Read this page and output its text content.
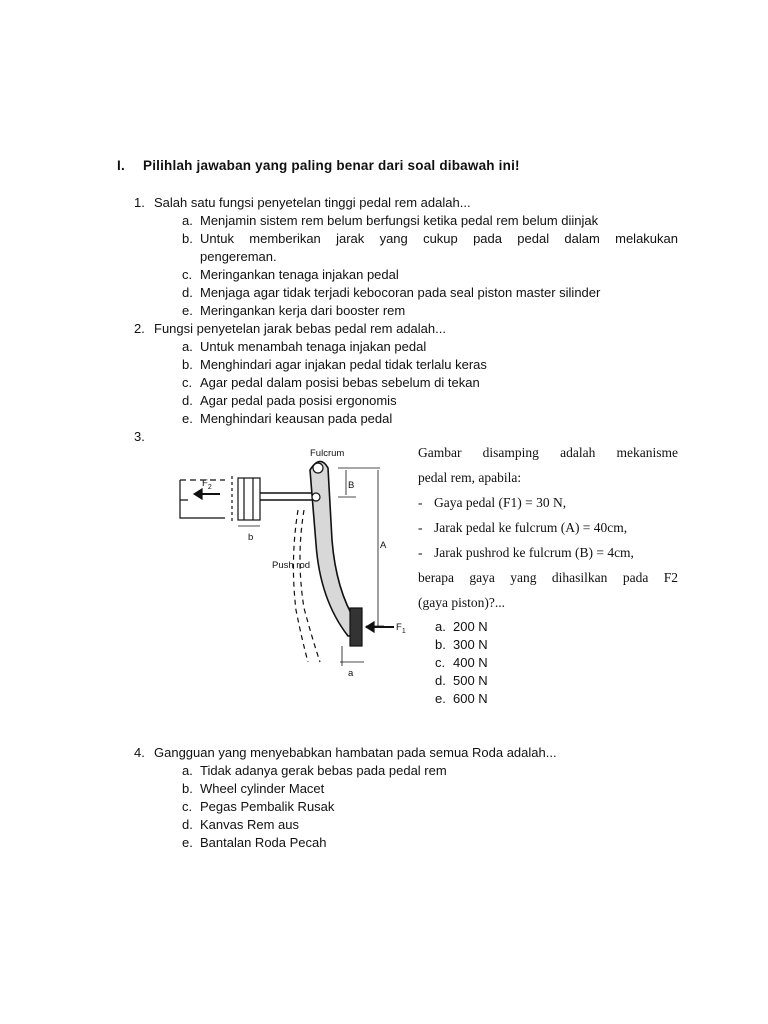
I. Pilihlah jawaban yang paling benar dari soal dibawah ini!
1. Salah satu fungsi penyetelan tinggi pedal rem adalah...
a. Menjamin sistem rem belum berfungsi ketika pedal rem belum diinjak
b. Untuk memberikan jarak yang cukup pada pedal dalam melakukan
pengereman.
c. Meringankan tenaga injakan pedal
d. Menjaga agar tidak terjadi kebocoran pada seal piston master silinder
e. Meringankan kerja dari booster rem
2. Fungsi penyetelan jarak bebas pedal rem adalah...
a. Untuk menambah tenaga injakan pedal
b. Menghindari agar injakan pedal tidak terlalu keras
c. Agar pedal dalam posisi bebas sebelum di tekan
d. Agar pedal pada posisi ergonomis
e. Menghindari keausan pada pedal
3.
Fulcrum
Push rod
B
A
$F_2$
$F_1$
b
a
Gambar disamping adalah mekanisme
pedal rem, apabila:
- Gaya pedal (F1) = 30 N,
- Jarak pedal ke fulcrum (A) = 40cm,
- Jarak pushrod ke fulcrum (B) = 4cm,
berapa gaya yang dihasilkan pada F2
(gaya piston)?...
a. 200 N
b. 300 N
c. 400 N
d. 500 N
e. 600 N
4. Gangguan yang menyebabkan hambatan pada semua Roda adalah...
a. Tidak adanya gerak bebas pada pedal rem
b. Wheel cylinder Macet
c. Pegas Pembalik Rusak
d. Kanvas Rem aus
e. Bantalan Roda Pecah
